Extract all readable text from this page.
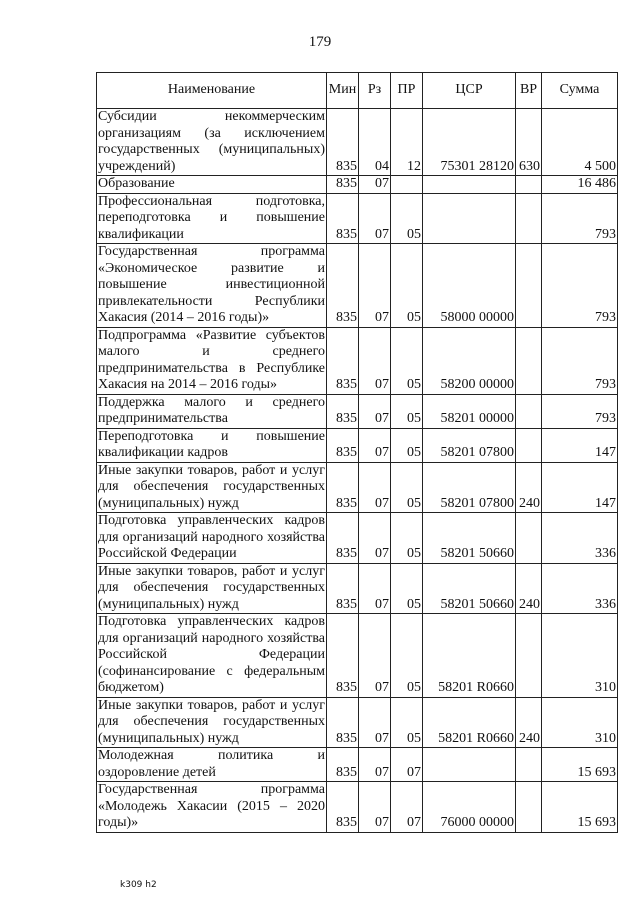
179
Наименование	Мин	Рз	ПР	ЦСР	ВР	Сумма
Субсидии некоммерческим организациям (за исключением государственных (муниципальных) учреждений)	835	04	12	75301 28120	630	4 500
Образование	835	07				16 486
Профессиональная подготовка, переподготовка и повышение квалификации	835	07	05			793
Государственная программа «Экономическое развитие и повышение инвестиционной привлекательности Республики Хакасия (2014 – 2016 годы)»	835	07	05	58000 00000		793
Подпрограмма «Развитие субъектов малого и среднего предпринимательства в Республике Хакасия на 2014 – 2016 годы»	835	07	05	58200 00000		793
Поддержка малого и среднего предпринимательства	835	07	05	58201 00000		793
Переподготовка и повышение квалификации кадров	835	07	05	58201 07800		147
Иные закупки товаров, работ и услуг для обеспечения государственных (муниципальных) нужд	835	07	05	58201 07800	240	147
Подготовка управленческих кадров для организаций народного хозяйства Российской Федерации	835	07	05	58201 50660		336
Иные закупки товаров, работ и услуг для обеспечения государственных (муниципальных) нужд	835	07	05	58201 50660	240	336
Подготовка управленческих кадров для организаций народного хозяйства Российской Федерации (софинансирование с федеральным бюджетом)	835	07	05	58201 R0660		310
Иные закупки товаров, работ и услуг для обеспечения государственных (муниципальных) нужд	835	07	05	58201 R0660	240	310
Молодежная политика и оздоровление детей	835	07	07			15 693
Государственная программа «Молодежь Хакасии (2015 – 2020 годы)»	835	07	07	76000 00000		15 693
k309 h2
